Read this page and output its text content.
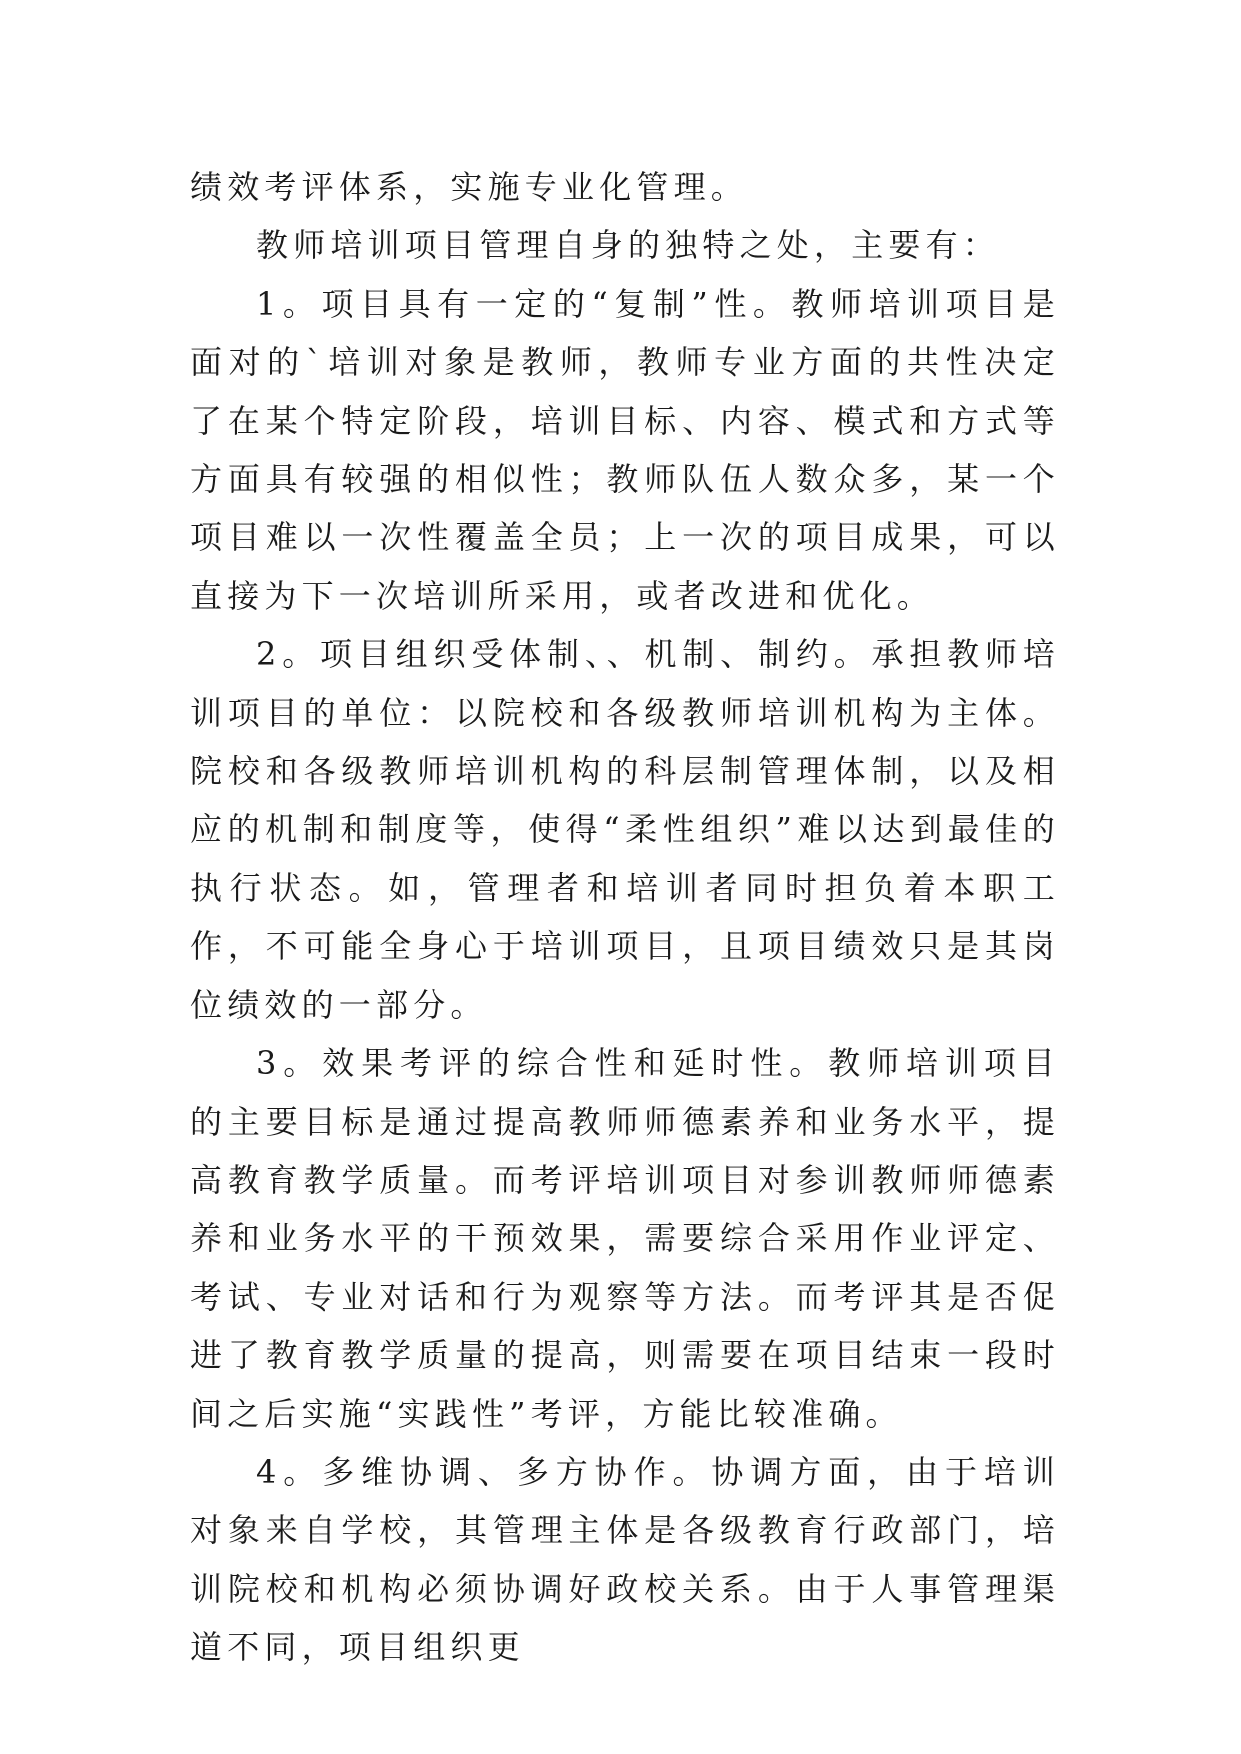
绩效考评体系，实施专业化管理。

教师培训项目管理自身的独特之处，主要有：

1。项目具有一定的“复制”性。教师培训项目是面对的`培训对象是教师，教师专业方面的共性决定了在某个特定阶段，培训目标、内容、模式和方式等方面具有较强的相似性；教师队伍人数众多，某一个项目难以一次性覆盖全员；上一次的项目成果，可以直接为下一次培训所采用，或者改进和优化。

2。项目组织受体制、、机制、制约。承担教师培训项目的单位：以院校和各级教师培训机构为主体。院校和各级教师培训机构的科层制管理体制，以及相应的机制和制度等，使得“柔性组织”难以达到最佳的执行状态。如，管理者和培训者同时担负着本职工作，不可能全身心于培训项目，且项目绩效只是其岗位绩效的一部分。

3。效果考评的综合性和延时性。教师培训项目的主要目标是通过提高教师师德素养和业务水平，提高教育教学质量。而考评培训项目对参训教师师德素养和业务水平的干预效果，需要综合采用作业评定、考试、专业对话和行为观察等方法。而考评其是否促进了教育教学质量的提高，则需要在项目结束一段时间之后实施“实践性”考评，方能比较准确。

4。多维协调、多方协作。协调方面，由于培训对象来自学校，其管理主体是各级教育行政部门，培训院校和机构必须协调好政校关系。由于人事管理渠道不同，项目组织更
